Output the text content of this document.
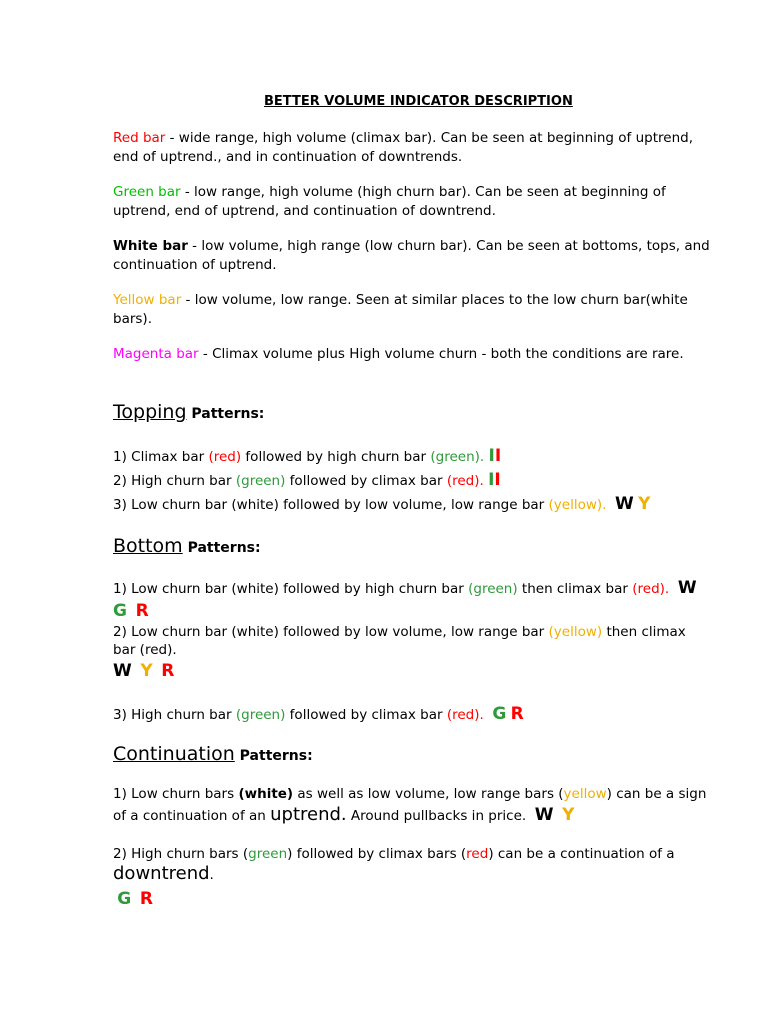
BETTER VOLUME INDICATOR DESCRIPTION
Red bar - wide range, high volume (climax bar). Can be seen at beginning of uptrend, end of uptrend., and in continuation of downtrends.
Green bar - low range, high volume (high churn bar). Can be seen at beginning of uptrend, end of uptrend, and continuation of downtrend.
White bar - low volume, high range (low churn bar). Can be seen at bottoms, tops, and continuation of uptrend.
Yellow bar - low volume, low range. Seen at similar places to the low churn bar(white bars).
Magenta bar - Climax volume plus High volume churn - both the conditions are rare.
Topping Patterns:
1) Climax bar (red) followed by high churn bar (green). II
2) High churn bar (green) followed by climax bar (red). II
3) Low churn bar (white) followed by low volume, low range bar (yellow). W Y
Bottom Patterns:
1) Low churn bar (white) followed by high churn bar (green) then climax bar (red). W
G R
2) Low churn bar (white) followed by low volume, low range bar (yellow) then climax
bar (red).
W Y R
3) High churn bar (green) followed by climax bar (red). G R
Continuation Patterns:
1) Low churn bars (white) as well as low volume, low range bars (yellow) can be a sign
of a continuation of an uptrend. Around pullbacks in price. W Y
2) High churn bars (green) followed by climax bars (red) can be a continuation of a
downtrend.
G R
